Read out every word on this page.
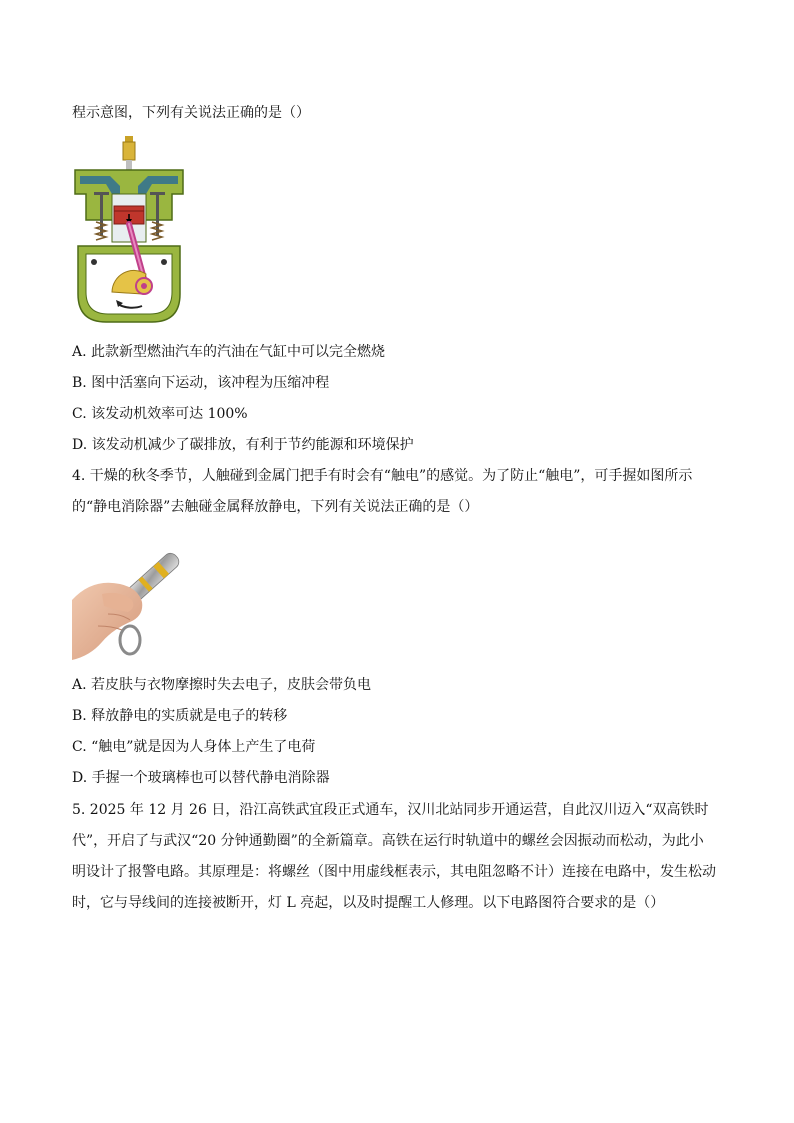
程示意图，下列有关说法正确的是（）
A. 此款新型燃油汽车的汽油在气缸中可以完全燃烧
B. 图中活塞向下运动，该冲程为压缩冲程
C. 该发动机效率可达 100%
D. 该发动机减少了碳排放，有利于节约能源和环境保护
4. 干燥的秋冬季节，人触碰到金属门把手有时会有“触电”的感觉。为了防止“触电”，可手握如图所示
的“静电消除器”去触碰金属释放静电，下列有关说法正确的是（）
A. 若皮肤与衣物摩擦时失去电子，皮肤会带负电
B. 释放静电的实质就是电子的转移
C. “触电”就是因为人身体上产生了电荷
D. 手握一个玻璃棒也可以替代静电消除器
5. 2025 年 12 月 26 日，沿江高铁武宜段正式通车，汉川北站同步开通运营，自此汉川迈入“双高铁时
代”，开启了与武汉“20 分钟通勤圈”的全新篇章。高铁在运行时轨道中的螺丝会因振动而松动，为此小
明设计了报警电路。其原理是：将螺丝（图中用虚线框表示，其电阻忽略不计）连接在电路中，发生松动
时，它与导线间的连接被断开，灯 L 亮起，以及时提醒工人修理。以下电路图符合要求的是（）
